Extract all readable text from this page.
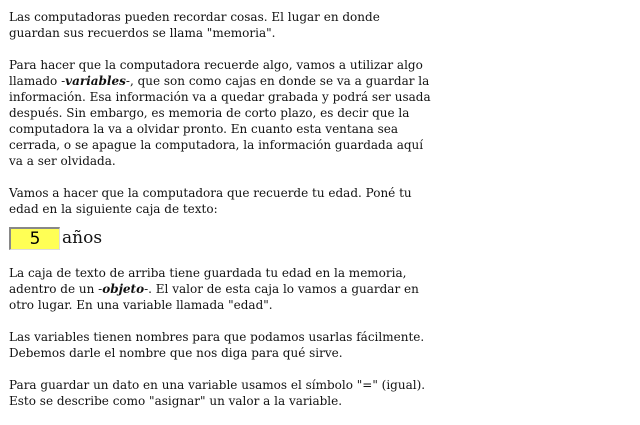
Las computadoras pueden recordar cosas. El lugar en donde guardan sus recuerdos se llama "memoria".

Para hacer que la computadora recuerde algo, vamos a utilizar algo llamado -variables-, que son como cajas en donde se va a guardar la información. Esa información va a quedar grabada y podrá ser usada después. Sin embargo, es memoria de corto plazo, es decir que la computadora la va a olvidar pronto. En cuanto esta ventana sea cerrada, o se apague la computadora, la información guardada aquí va a ser olvidada.

Vamos a hacer que la computadora que recuerde tu edad. Poné tu edad en la siguiente caja de texto:

5
años

La caja de texto de arriba tiene guardada tu edad en la memoria, adentro de un -objeto-. El valor de esta caja lo vamos a guardar en otro lugar. En una variable llamada "edad".

Las variables tienen nombres para que podamos usarlas fácilmente. Debemos darle el nombre que nos diga para qué sirve.

Para guardar un dato en una variable usamos el símbolo "=" (igual). Esto se describe como "asignar" un valor a la variable.
